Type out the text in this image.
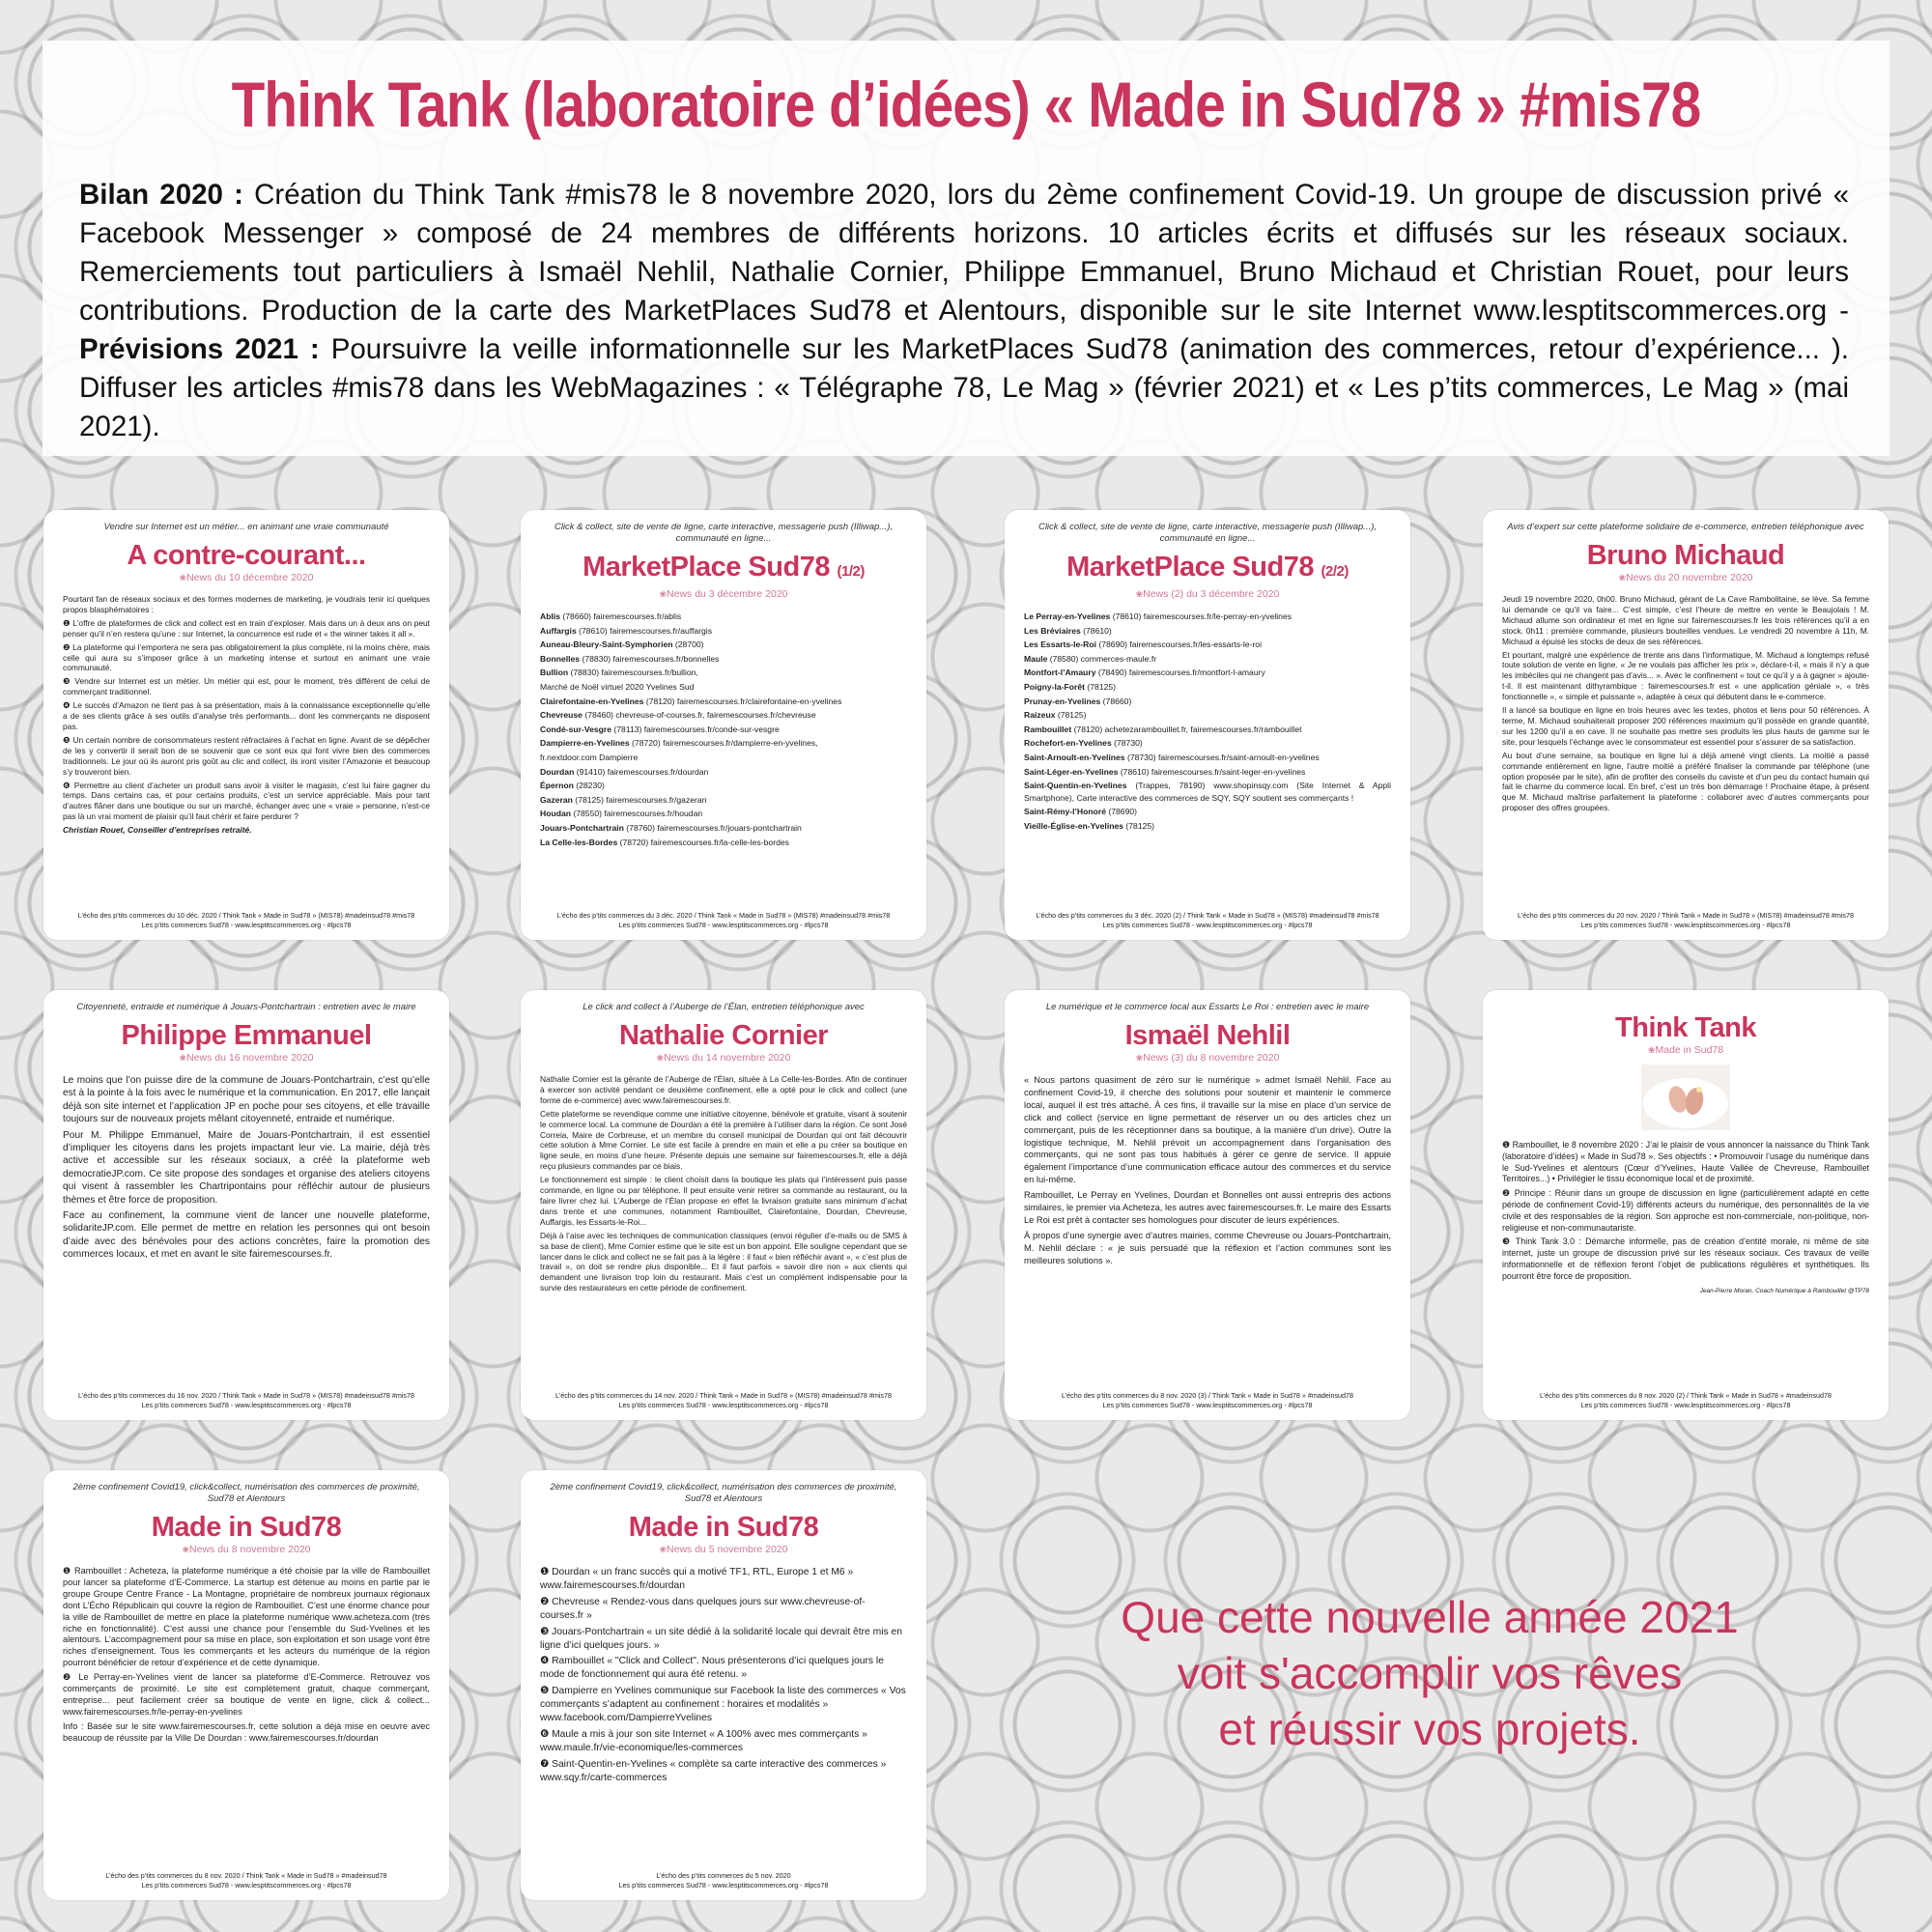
Think Tank (laboratoire d’idées) « Made in Sud78 » #mis78
Bilan 2020 : Création du Think Tank #mis78 le 8 novembre 2020, lors du 2ème confinement Covid-19. Un groupe de discussion privé « Facebook Messenger » composé de 24 membres de différents horizons. 10 articles écrits et diffusés sur les réseaux sociaux. Remerciements tout particuliers à Ismaël Nehlil, Nathalie Cornier, Philippe Emmanuel, Bruno Michaud et Christian Rouet, pour leurs contributions. Production de la carte des MarketPlaces Sud78 et Alentours, disponible sur le site Internet www.lesptitscommerces.org - Prévisions 2021 : Poursuivre la veille informationnelle sur les MarketPlaces Sud78 (animation des commerces, retour d’expérience... ). Diffuser les articles #mis78 dans les WebMagazines : « Télégraphe 78, Le Mag » (février 2021) et « Les p’tits commerces, Le Mag » (mai 2021).
Vendre sur Internet est un métier... en animant une vraie communauté
A contre-courant...
❀ News du 10 décembre 2020

Pourtant fan de réseaux sociaux et des formes modernes de marketing, je voudrais tenir ici quelques propos blasphématoires :

❶ L’offre de plateformes de click and collect est en train d’exploser. Mais dans un à deux ans on peut penser qu’il n’en restera qu’une : sur Internet, la concurrence est rude et « the winner takes it all ».

❷ La plateforme qui l’emportera ne sera pas obligatoirement la plus complète, ni la moins chère, mais celle qui aura su s’imposer grâce à un marketing intense et surtout en animant une vraie communauté.

❸ Vendre sur Internet est un métier. Un métier qui est, pour le moment, très différent de celui de commerçant traditionnel.

❹ Le succès d’Amazon ne tient pas à sa présentation, mais à la connaissance exceptionnelle qu’elle a de ses clients grâce à ses outils d’analyse très performants... dont les commerçants ne disposent pas.

❺ Un certain nombre de consommateurs restent réfractaires à l’achat en ligne. Avant de se dépêcher de les y convertir il serait bon de se souvenir que ce sont eux qui font vivre bien des commerces traditionnels. Le jour où ils auront pris goût au clic and collect, ils iront visiter l’Amazonie et beaucoup s’y trouveront bien.

❻ Permettre au client d’acheter un produit sans avoir à visiter le magasin, c’est lui faire gagner du temps. Dans certains cas, et pour certains produits, c’est un service appréciable. Mais pour tant d’autres flâner dans une boutique ou sur un marché, échanger avec une « vraie » personne, n’est-ce pas là un vrai moment de plaisir qu’il faut chérir et faire perdurer ?

Christian Rouet, Conseiller d’entreprises retraité.

L’écho des p’tits commerces du 10 déc. 2020 / Think Tank « Made in Sud78 » (MIS78) #madeinsud78 #mis78
Les p’tits commerces Sud78 - www.lesptitscommerces.org - #lpcs78
Click & collect, site de vente de ligne, carte interactive, messagerie push (Illiwap...), communauté en ligne...
MarketPlace Sud78 (1/2)
❀ News du 3 décembre 2020

Ablis (78660) fairemescourses.fr/ablis

Auffargis (78610) fairemescourses.fr/auffargis

Auneau-Bleury-Saint-Symphorien (28700)

Bonnelles (78830) fairemescourses.fr/bonnelles

Bullion (78830) fairemescourses.fr/bullion,

Marché de Noël virtuel 2020 Yvelines Sud

Clairefontaine-en-Yvelines (78120) fairemescourses.fr/clairefontaine-en-yvelines

Chevreuse (78460) chevreuse-of-courses.fr, fairemescourses.fr/chevreuse

Condé-sur-Vesgre (78113) fairemescourses.fr/conde-sur-vesgre

Dampierre-en-Yvelines (78720) fairemescourses.fr/dampierre-en-yvelines,

fr.nextdoor.com Dampierre

Dourdan (91410) fairemescourses.fr/dourdan

Épernon (28230)

Gazeran (78125) fairemescourses.fr/gazeran

Houdan (78550) fairemescourses.fr/houdan

Jouars-Pontchartrain (78760) fairemescourses.fr/jouars-pontchartrain

La Celle-les-Bordes (78720) fairemescourses.fr/la-celle-les-bordes

L’écho des p’tits commerces du 3 déc. 2020 / Think Tank « Made in Sud78 » (MIS78) #madeinsud78 #mis78
Les p’tits commerces Sud78 - www.lesptitscommerces.org - #lpcs78
Click & collect, site de vente de ligne, carte interactive, messagerie push (Illiwap...), communauté en ligne...
MarketPlace Sud78 (2/2)
❀ News (2) du 3 décembre 2020

Le Perray-en-Yvelines (78610) fairemescourses.fr/le-perray-en-yvelines

Les Bréviaires (78610)

Les Essarts-le-Roi (78690) fairemescourses.fr/les-essarts-le-roi

Maule (78580) commerces-maule.fr

Montfort-l’Amaury (78490) fairemescourses.fr/montfort-l-amaury

Poigny-la-Forêt (78125)

Prunay-en-Yvelines (78660)

Raizeux (78125)

Rambouillet (78120) achetezarambouillet.fr, fairemescourses.fr/rambouillet

Rochefort-en-Yvelines (78730)

Saint-Arnoult-en-Yvelines (78730) fairemescourses.fr/saint-arnoult-en-yvelines

Saint-Léger-en-Yvelines (78610) fairemescourses.fr/saint-leger-en-yvelines

Saint-Quentin-en-Yvelines (Trappes, 78190) www.shopinsqy.com (Site Internet & Appli Smartphone), Carte interactive des commerces de SQY, SQY soutient ses commerçants !

Saint-Rémy-l’Honoré (78690)

Vieille-Église-en-Yvelines (78125)

L’écho des p’tits commerces du 3 déc. 2020 (2) / Think Tank « Made in Sud78 » (MIS78) #madeinsud78 #mis78
Les p’tits commerces Sud78 - www.lesptitscommerces.org - #lpcs78
Avis d’expert sur cette plateforme solidaire de e-commerce, entretien téléphonique avec
Bruno Michaud
❀ News du 20 novembre 2020

Jeudi 19 novembre 2020, 0h00. Bruno Michaud, gérant de La Cave Rambolitaine, se lève. Sa femme lui demande ce qu’il va faire... C’est simple, c’est l’heure de mettre en vente le Beaujolais ! M. Michaud allume son ordinateur et met en ligne sur fairemescourses.fr les trois références qu’il a en stock. 0h11 : première commande, plusieurs bouteilles vendues. Le vendredi 20 novembre à 11h, M. Michaud a épuisé les stocks de deux de ses références.

Et pourtant, malgré une expérience de trente ans dans l’informatique, M. Michaud a longtemps refusé toute solution de vente en ligne. « Je ne voulais pas afficher les prix », déclare-t-il, « mais il n’y a que les imbéciles qui ne changent pas d’avis... ». Avec le confinement « tout ce qu’il y a à gagner » ajoute-t-il. Il est maintenant dithyrambique : fairemescourses.fr est « une application géniale », « très fonctionnelle », « simple et puissante », adaptée à ceux qui débutent dans le e-commerce.

Il a lancé sa boutique en ligne en trois heures avec les textes, photos et liens pour 50 références. À terme, M. Michaud souhaiterait proposer 200 références maximum qu’il possède en grande quantité, sur les 1200 qu’il a en cave. Il ne souhaite pas mettre ses produits les plus hauts de gamme sur le site, pour lesquels l’échange avec le consommateur est essentiel pour s’assurer de sa satisfaction.

Au bout d’une semaine, sa boutique en ligne lui a déjà amené vingt clients. La moitié a passé commande entièrement en ligne, l’autre moitié a préféré finaliser la commande par téléphone (une option proposée par le site), afin de profiter des conseils du caviste et d’un peu du contact humain qui fait le charme du commerce local. En bref, c’est un très bon démarrage ! Prochaine étape, à présent que M. Michaud maîtrise parfaitement la plateforme : collaborer avec d’autres commerçants pour proposer des offres groupées.

L’écho des p’tits commerces du 20 nov. 2020 / Think Tank « Made in Sud78 » (MIS78) #madeinsud78 #mis78
Les p’tits commerces Sud78 - www.lesptitscommerces.org - #lpcs78
Citoyenneté, entraide et numérique à Jouars-Pontchartrain : entretien avec le maire
Philippe Emmanuel
❀ News du 16 novembre 2020

Le moins que l’on puisse dire de la commune de Jouars-Pontchartrain, c’est qu’elle est à la pointe à la fois avec le numérique et la communication. En 2017, elle lançait déjà son site internet et l’application JP en poche pour ses citoyens, et elle travaille toujours sur de nouveaux projets mêlant citoyenneté, entraide et numérique.

Pour M. Philippe Emmanuel, Maire de Jouars-Pontchartrain, il est essentiel d’impliquer les citoyens dans les projets impactant leur vie. La mairie, déjà très active et accessible sur les réseaux sociaux, a créé la plateforme web democratieJP.com. Ce site propose des sondages et organise des ateliers citoyens qui visent à rassembler les Chartripontains pour réfléchir autour de plusieurs thèmes et être force de proposition.

Face au confinement, la commune vient de lancer une nouvelle plateforme, solidariteJP.com. Elle permet de mettre en relation les personnes qui ont besoin d’aide avec des bénévoles pour des actions concrètes, faire la promotion des commerces locaux, et met en avant le site fairemescourses.fr.

L’écho des p’tits commerces du 16 nov. 2020 / Think Tank « Made in Sud78 » (MIS78) #madeinsud78 #mis78
Les p’tits commerces Sud78 - www.lesptitscommerces.org - #lpcs78
Le click and collect à l’Auberge de l’Élan, entretien téléphonique avec
Nathalie Cornier
❀ News du 14 novembre 2020

Nathalie Cornier est la gérante de l’Auberge de l’Élan, située à La Celle-les-Bordes. Afin de continuer à exercer son activité pendant ce deuxième confinement, elle a opté pour le click and collect (une forme de e-commerce) avec www.fairemescourses.fr.

Cette plateforme se revendique comme une initiative citoyenne, bénévole et gratuite, visant à soutenir le commerce local. La commune de Dourdan a été la première à l’utiliser dans la région. Ce sont José Correia, Maire de Corbreuse, et un membre du conseil municipal de Dourdan qui ont fait découvrir cette solution à Mme Cornier. Le site est facile à prendre en main et elle a pu créer sa boutique en ligne seule, en moins d’une heure. Présente depuis une semaine sur fairemescourses.fr, elle a déjà reçu plusieurs commandes par ce biais.

Le fonctionnement est simple : le client choisit dans la boutique les plats qui l’intéressent puis passe commande, en ligne ou par téléphone. Il peut ensuite venir retirer sa commande au restaurant, ou la faire livrer chez lui. L’Auberge de l’Élan propose en effet la livraison gratuite sans minimum d’achat dans trente et une communes, notamment Rambouillet, Clairefontaine, Dourdan, Chevreuse, Auffargis, les Essarts-le-Roi...

Déjà à l’aise avec les techniques de communication classiques (envoi régulier d’e-mails ou de SMS à sa base de client), Mme Cornier estime que le site est un bon appoint. Elle souligne cependant que se lancer dans le click and collect ne se fait pas à la légère : il faut « bien réfléchir avant », « c’est plus de travail », on doit se rendre plus disponible... Et il faut parfois « savoir dire non » aux clients qui demandent une livraison trop loin du restaurant. Mais c’est un complément indispensable pour la survie des restaurateurs en cette période de confinement.

L’écho des p’tits commerces du 14 nov. 2020 / Think Tank « Made in Sud78 » (MIS78) #madeinsud78 #mis78
Les p’tits commerces Sud78 - www.lesptitscommerces.org - #lpcs78
Le numérique et le commerce local aux Essarts Le Roi : entretien avec le maire
Ismaël Nehlil
❀ News (3) du 8 novembre 2020

« Nous partons quasiment de zéro sur le numérique » admet Ismaël Nehlil. Face au confinement Covid-19, il cherche des solutions pour soutenir et maintenir le commerce local, auquel il est très attaché. À ces fins, il travaille sur la mise en place d’un service de click and collect (service en ligne permettant de réserver un ou des articles chez un commerçant, puis de les réceptionner dans sa boutique, à la manière d’un drive). Outre la logistique technique, M. Nehlil prévoit un accompagnement dans l’organisation des commerçants, qui ne sont pas tous habitués à gérer ce genre de service. Il appuie également l’importance d’une communication efficace autour des commerces et du service en lui-même.

Rambouillet, Le Perray en Yvelines, Dourdan et Bonnelles ont aussi entrepris des actions similaires, le premier via Acheteza, les autres avec fairemescourses.fr. Le maire des Essarts Le Roi est prêt à contacter ses homologues pour discuter de leurs expériences.

À propos d’une synergie avec d’autres mairies, comme Chevreuse ou Jouars-Pontchartrain, M. Nehlil déclare : « je suis persuadé que la réflexion et l’action communes sont les meilleures solutions ».

L’écho des p’tits commerces du 8 nov. 2020 (3) / Think Tank « Made in Sud78 » #madeinsud78
Les p’tits commerces Sud78 - www.lesptitscommerces.org - #lpcs78
Think Tank
❀ Made in Sud78

❶ Rambouillet, le 8 novembre 2020 : J’ai le plaisir de vous annoncer la naissance du Think Tank (laboratoire d’idées) « Made in Sud78 ». Ses objectifs : • Promouvoir l’usage du numérique dans le Sud-Yvelines et alentours (Cœur d’Yvelines, Haute Vallée de Chevreuse, Rambouillet Territoires...) • Privilégier le tissu économique local et de proximité.

❷ Principe : Réunir dans un groupe de discussion en ligne (particulièrement adapté en cette période de confinement Covid-19) différents acteurs du numérique, des personnalités de la vie civile et des responsables de la région. Son approche est non-commerciale, non-politique, non-religieuse et non-communautariste.

❸ Think Tank 3.0 : Démarche informelle, pas de création d’entité morale, ni même de site internet, juste un groupe de discussion privé sur les réseaux sociaux. Ces travaux de veille informationnelle et de réflexion feront l’objet de publications régulières et synthétiques. Ils pourront être force de proposition.

Jean-Pierre Moran, Coach Numérique à Rambouillet @TP78

L’écho des p’tits commerces du 8 nov. 2020 (2) / Think Tank « Made in Sud78 » #madeinsud78
Les p’tits commerces Sud78 - www.lesptitscommerces.org - #lpcs78
2ème confinement Covid19, click&collect, numérisation des commerces de proximité, Sud78 et Alentours
Made in Sud78
❀ News du 8 novembre 2020

❶ Rambouillet : Acheteza, la plateforme numérique a été choisie par la ville de Rambouillet pour lancer sa plateforme d’E-Commerce. La startup est détenue au moins en partie par le groupe Groupe Centre France - La Montagne, propriétaire de nombreux journaux régionaux dont L’Écho Républicain qui couvre la région de Rambouillet. C’est une énorme chance pour la ville de Rambouillet de mettre en place la plateforme numérique www.acheteza.com (très riche en fonctionnalité). C’est aussi une chance pour l’ensemble du Sud-Yvelines et les alentours. L’accompagnement pour sa mise en place, son exploitation et son usage vont être riches d’enseignement. Tous les commerçants et les acteurs du numérique de la région pourront bénéficier de retour d’expérience et de cette dynamique.

❷ Le Perray-en-Yvelines vient de lancer sa plateforme d’E-Commerce. Retrouvez vos commerçants de proximité. Le site est complètement gratuit, chaque commerçant, entreprise... peut facilement créer sa boutique de vente en ligne, click & collect... www.fairemescourses.fr/le-perray-en-yvelines

Info : Basée sur le site www.fairemescourses.fr, cette solution a déjà mise en oeuvre avec beaucoup de réussite par la Ville De Dourdan : www.fairemescourses.fr/dourdan

L’écho des p’tits commerces du 8 nov. 2020 / Think Tank « Made in Sud78 » #madeinsud78
Les p’tits commerces Sud78 - www.lesptitscommerces.org - #lpcs78
2ème confinement Covid19, click&collect, numérisation des commerces de proximité, Sud78 et Alentours
Made in Sud78
❀ News du 5 novembre 2020

❶ Dourdan « un franc succès qui a motivé TF1, RTL, Europe 1 et M6 » www.fairemescourses.fr/dourdan

❷ Chevreuse « Rendez-vous dans quelques jours sur www.chevreuse-of-courses.fr »

❸ Jouars-Pontchartrain « un site dédié à la solidarité locale qui devrait être mis en ligne d’ici quelques jours. »

❹ Rambouillet « "Click and Collect". Nous présenterons d’ici quelques jours le mode de fonctionnement qui aura été retenu. »

❺ Dampierre en Yvelines communique sur Facebook la liste des commerces « Vos commerçants s’adaptent au confinement : horaires et modalités » www.facebook.com/DampierreYvelines

❻ Maule a mis à jour son site Internet « A 100% avec mes commerçants » www.maule.fr/vie-economique/les-commerces

❼ Saint-Quentin-en-Yvelines « complète sa carte interactive des commerces » www.sqy.fr/carte-commerces

L’écho des p’tits commerces du 5 nov. 2020
Les p’tits commerces Sud78 - www.lesptitscommerces.org - #lpcs78
Que cette nouvelle année 2021
voit s'accomplir vos rêves
et réussir vos projets.
